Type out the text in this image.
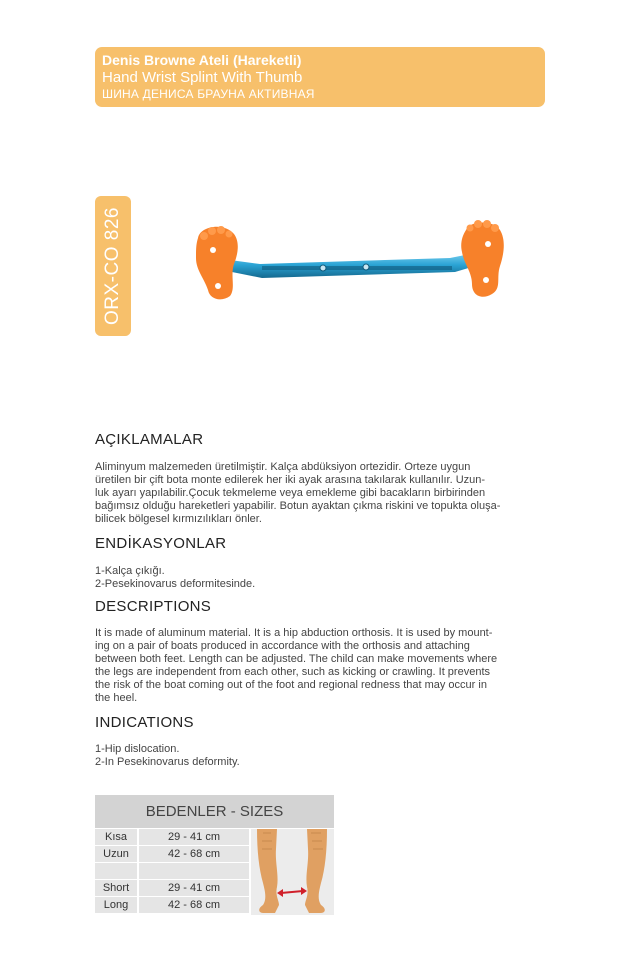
Denis Browne Ateli (Hareketli)
Hand Wrist Splint With Thumb
ШИНА ДЕНИСА БРАУНА АКТИВНАЯ
ORX-CO 826
AÇIKLAMALAR
Aliminyum malzemeden üretilmiştir. Kalça abdüksiyon ortezidir. Orteze uygun
üretilen bir çift bota monte edilerek her iki ayak arasına takılarak kullanılır. Uzun-
luk ayarı yapılabilir.Çocuk tekmeleme veya emekleme gibi bacakların birbirinden
bağımsız olduğu hareketleri yapabilir. Botun ayaktan çıkma riskini ve topukta oluşa-
bilicek bölgesel kırmızılıkları önler.
ENDİKASYONLAR
1-Kalça çıkığı.
2-Pesekinovarus deformitesinde.
DESCRIPTIONS
It is made of aluminum material. It is a hip abduction orthosis. It is used by mount-
ing on a pair of boats produced in accordance with the orthosis and attaching
between both feet. Length can be adjusted. The child can make movements where
the legs are independent from each other, such as kicking or crawling. It prevents
the risk of the boat coming out of the foot and regional redness that may occur in
the heel.
INDICATIONS
1-Hip dislocation.
2-In Pesekinovarus deformity.
BEDENLER - SIZES
Kısa	29 - 41 cm
Uzun	42 - 68 cm
Short	29 - 41 cm
Long	42 - 68 cm
